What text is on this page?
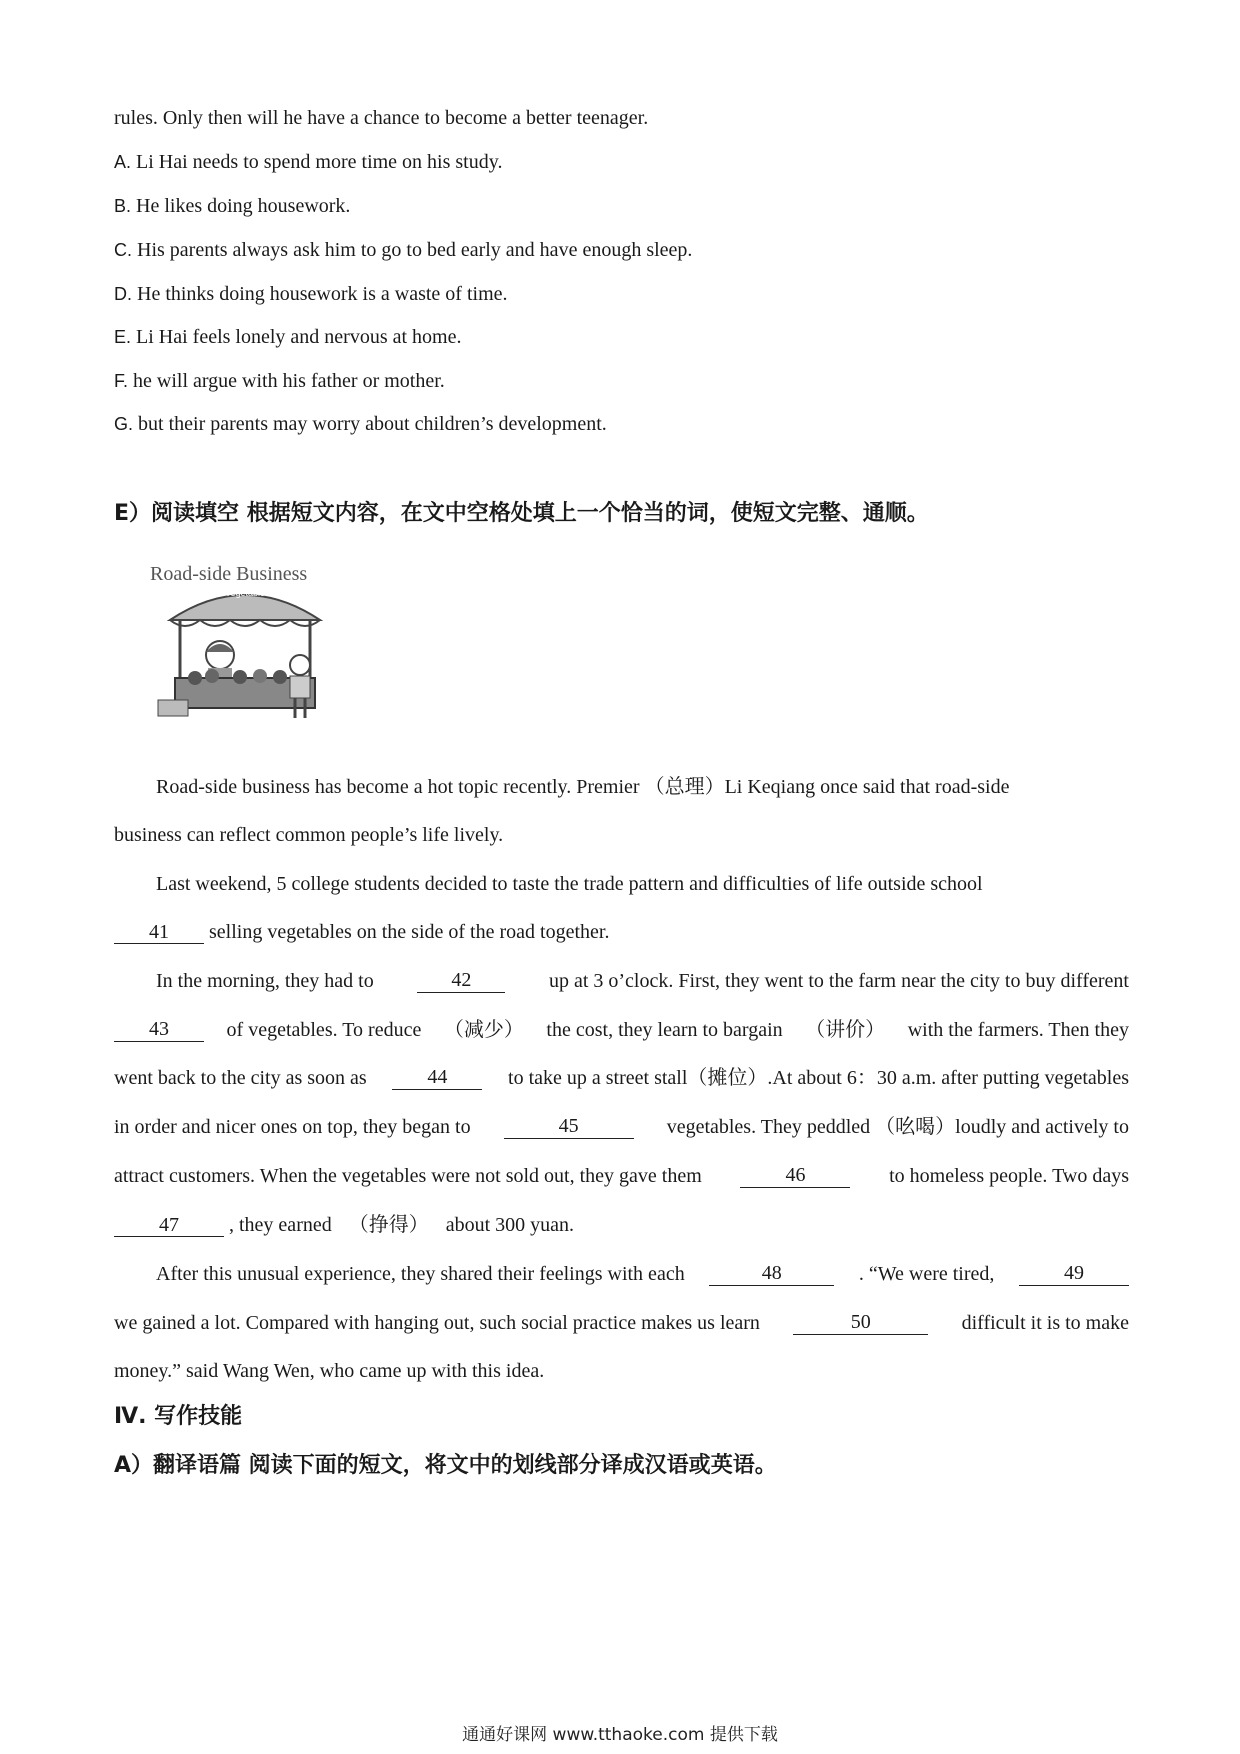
rules. Only then will he have a chance to become a better teenager.
A. Li Hai needs to spend more time on his study.
B. He likes doing housework.
C. His parents always ask him to go to bed early and have enough sleep.
D. He thinks doing housework is a waste of time.
E. Li Hai feels lonely and nervous at home.
F. he will argue with his father or mother.
G. but their parents may worry about children’s development.
E）阅读填空 根据短文内容，在文中空格处填上一个恰当的词，使短文完整、通顺。
Road-side Business
Vegetable
Road-side business has become a hot topic recently. Premier （总理）Li Keqiang once said that road-side
business can reflect common people’s life lively.
Last weekend, 5 college students decided to taste the trade pattern and difficulties of life outside school
41 selling vegetables on the side of the road together.
In the morning, they had to	42	up at 3 o’clock. First, they went to the farm near the city to buy different
43	of vegetables. To reduce （减少） the cost, they learn to bargain （讲价） with the farmers. Then they
went back to the city as soon as	44	to take up a street stall（摊位）.At about 6：30 a.m. after putting vegetables
in order and nicer ones on top, they began to	45	vegetables. They peddled （吆喝）loudly and actively to
attract customers. When the vegetables were not sold out, they gave them	46	to homeless people. Two days
47	, they earned （挣得） about 300 yuan.
After this unusual experience, they shared their feelings with each	48	. “We were tired,	49
we gained a lot. Compared with hanging out, such social practice makes us learn	50	difficult it is to make
money.” said Wang Wen, who came up with this idea.
Ⅳ. 写作技能
A）翻译语篇 阅读下面的短文，将文中的划线部分译成汉语或英语。
通通好课网 www.tthaoke.com 提供下载
